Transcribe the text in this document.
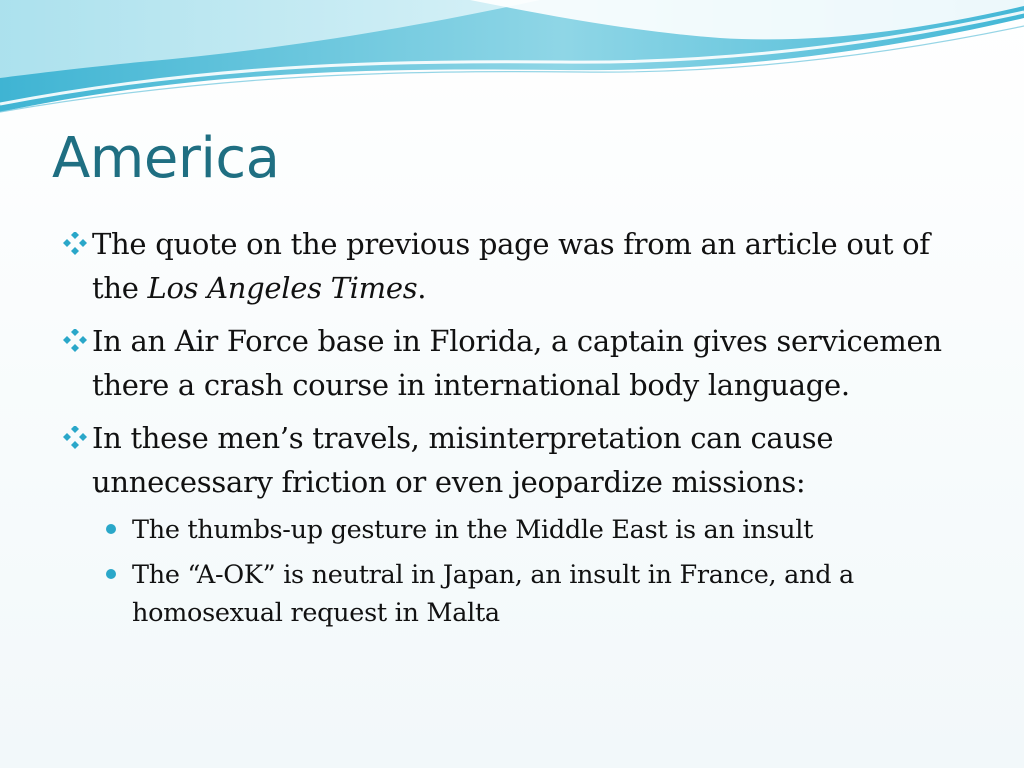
America
The quote on the previous page was from an article out of the Los Angeles Times.
In an Air Force base in Florida, a captain gives servicemen there a crash course in international body language.
In these men’s travels, misinterpretation can cause unnecessary friction or even jeopardize missions:
The thumbs-up gesture in the Middle East is an insult
The “A-OK” is neutral in Japan, an insult in France, and a homosexual request in Malta
